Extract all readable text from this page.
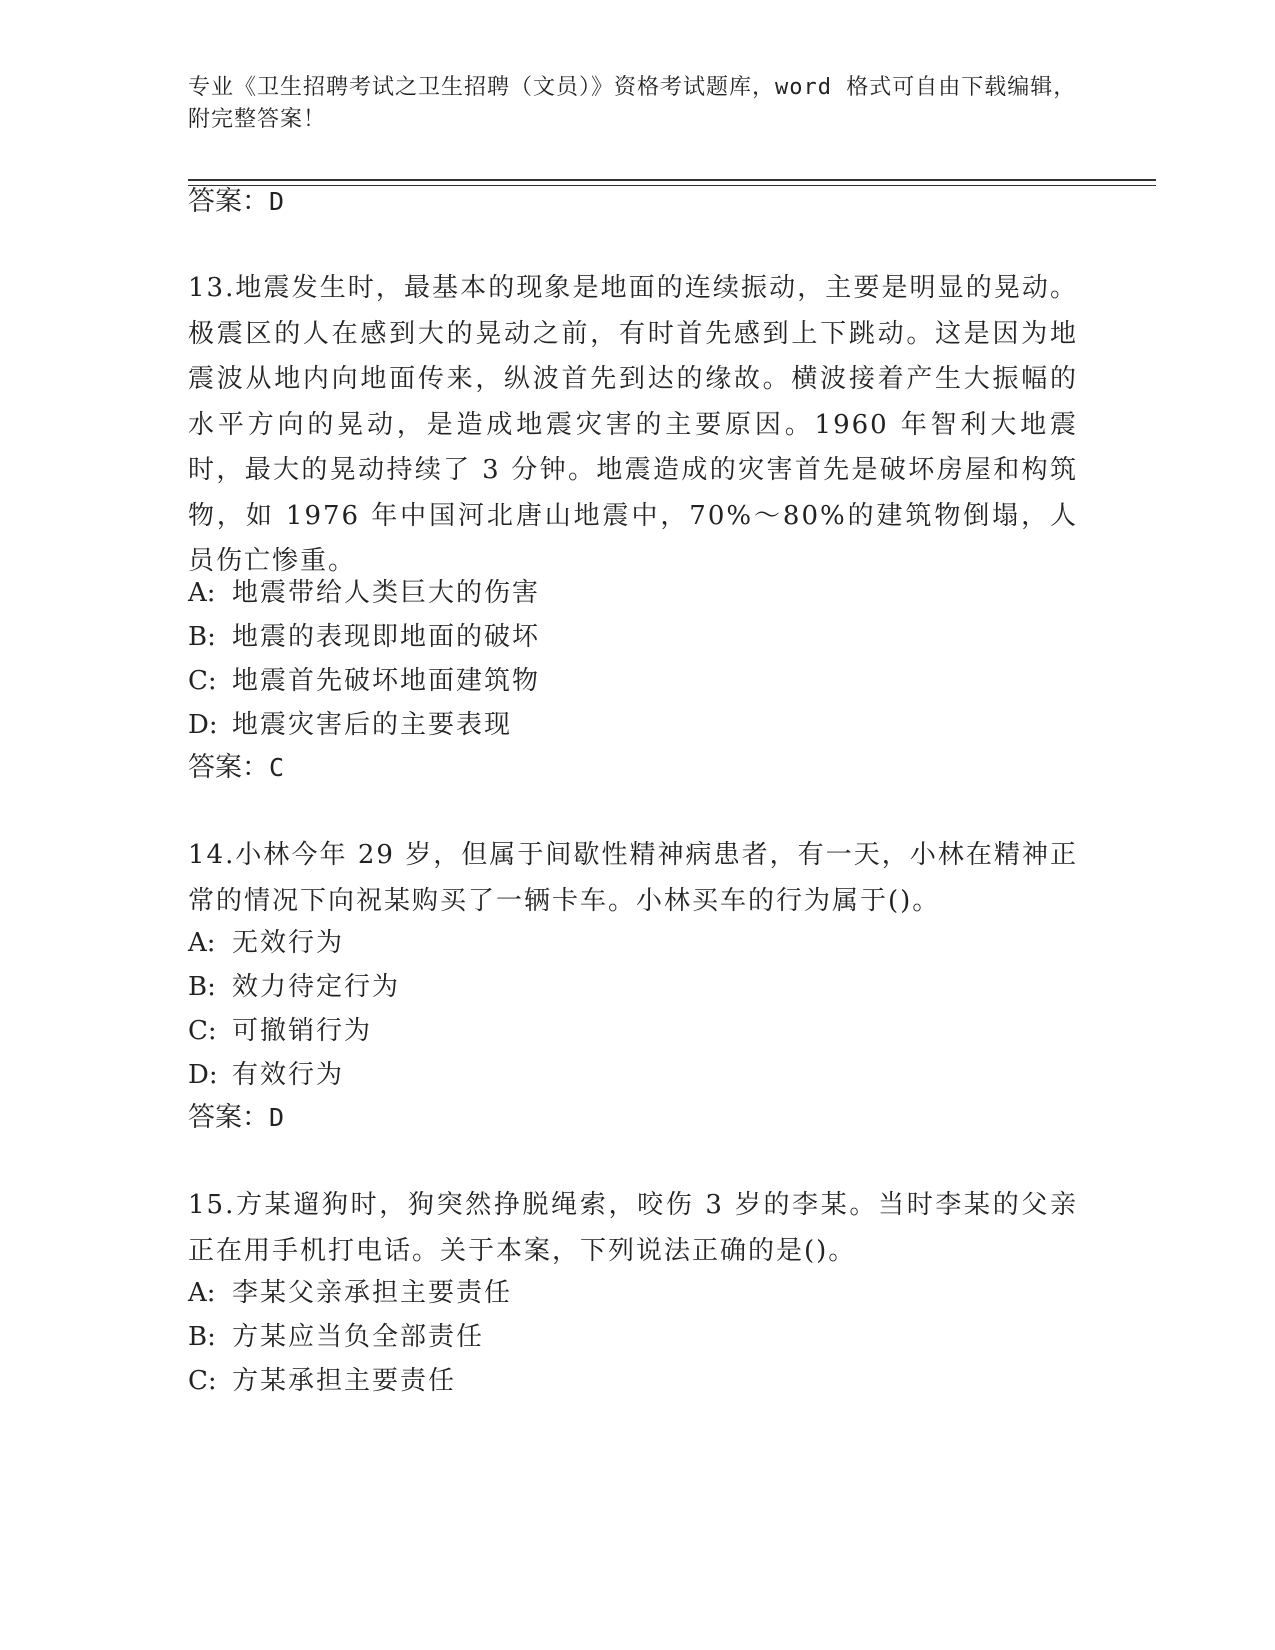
专业《卫生招聘考试之卫生招聘（文员）》资格考试题库，word 格式可自由下载编辑，附完整答案！
答案：D
13.地震发生时，最基本的现象是地面的连续振动，主要是明显的晃动。极震区的人在感到大的晃动之前，有时首先感到上下跳动。这是因为地震波从地内向地面传来，纵波首先到达的缘故。横波接着产生大振幅的水平方向的晃动，是造成地震灾害的主要原因。1960 年智利大地震时，最大的晃动持续了 3 分钟。地震造成的灾害首先是破坏房屋和构筑物，如 1976 年中国河北唐山地震中，70%～80%的建筑物倒塌，人员伤亡惨重。
A: 地震带给人类巨大的伤害
B: 地震的表现即地面的破坏
C: 地震首先破坏地面建筑物
D: 地震灾害后的主要表现
答案：C
14.小林今年 29 岁，但属于间歇性精神病患者，有一天，小林在精神正常的情况下向祝某购买了一辆卡车。小林买车的行为属于()。
A: 无效行为
B: 效力待定行为
C: 可撤销行为
D: 有效行为
答案：D
15.方某遛狗时，狗突然挣脱绳索，咬伤 3 岁的李某。当时李某的父亲正在用手机打电话。关于本案，下列说法正确的是()。
A: 李某父亲承担主要责任
B: 方某应当负全部责任
C: 方某承担主要责任
